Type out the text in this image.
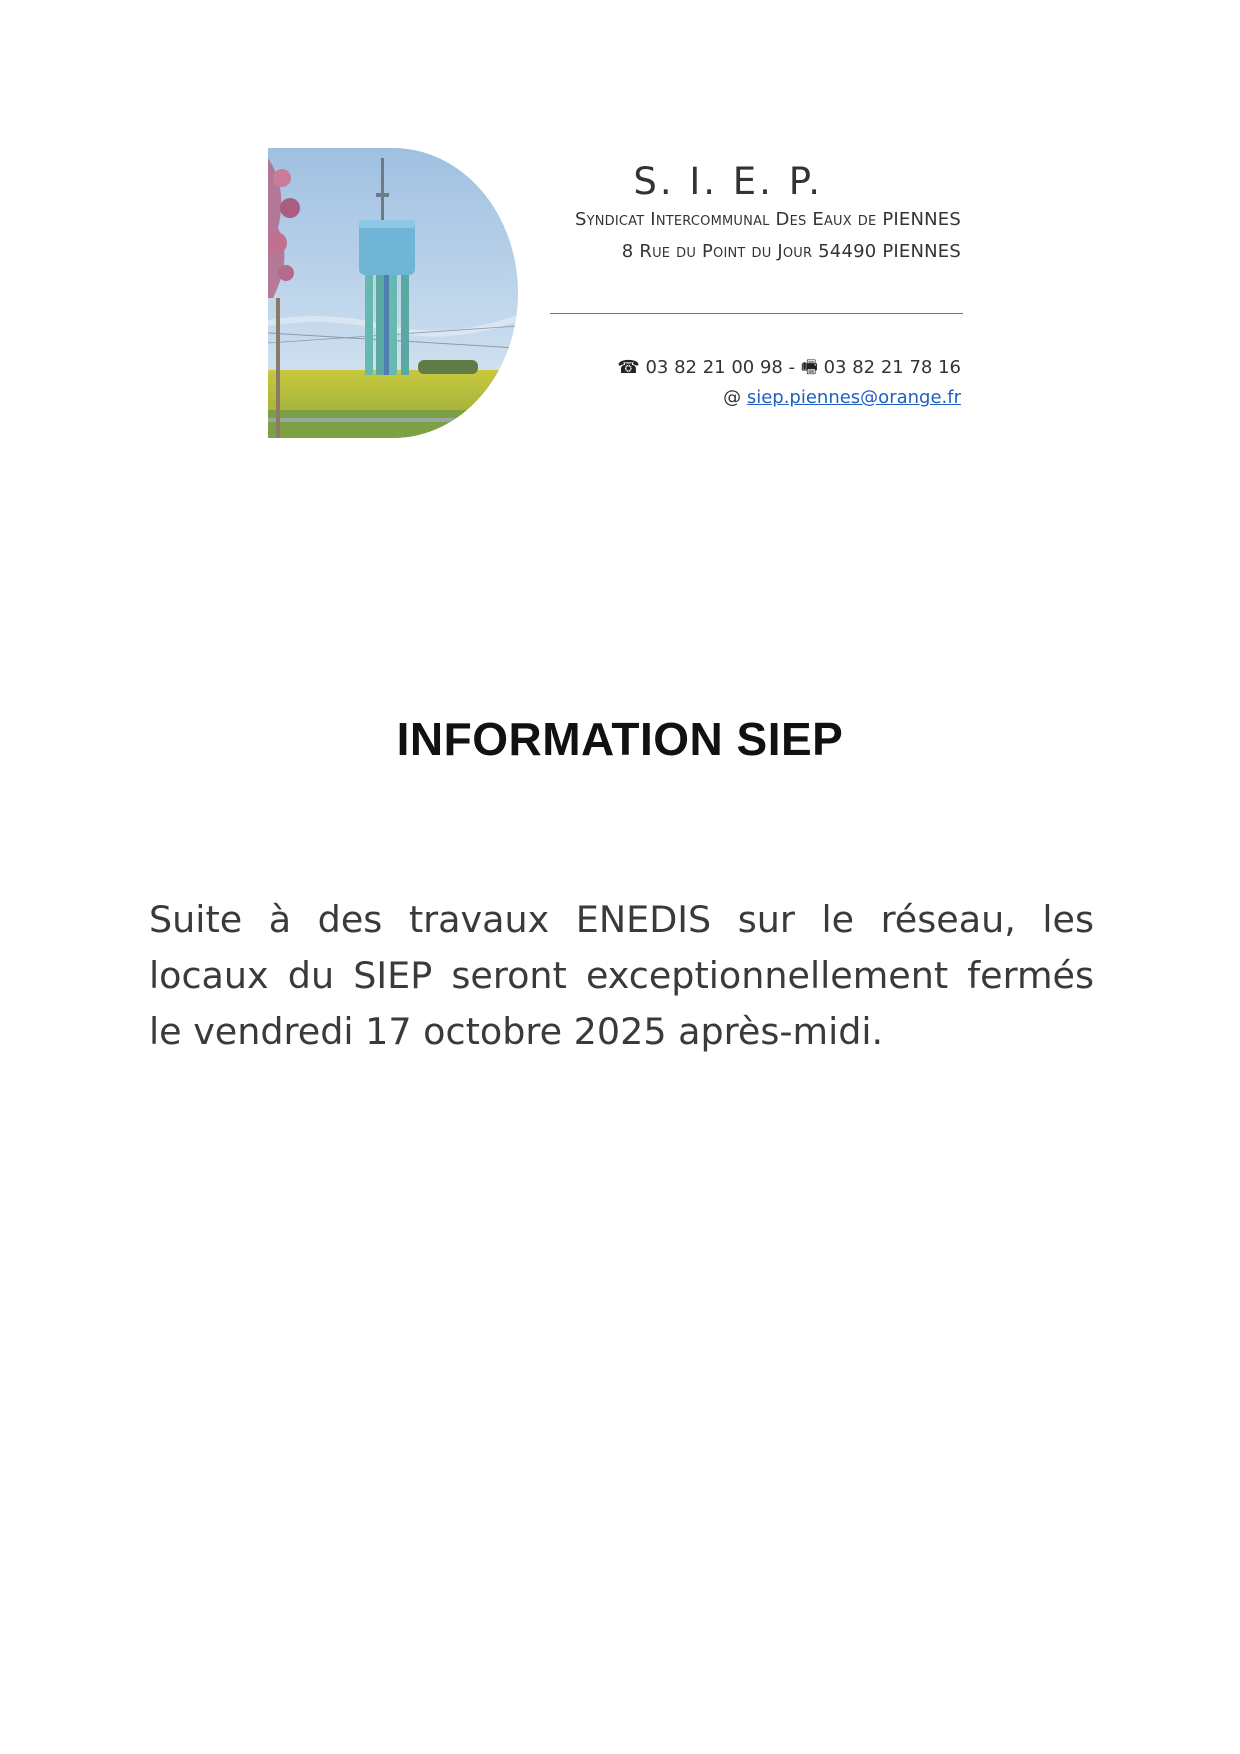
S. I. E. P.
Syndicat Intercommunal Des Eaux de PIENNES
8 Rue du Point du Jour 54490 PIENNES
☎ 03 82 21 00 98 - 🖷 03 82 21 78 16
@ siep.piennes@orange.fr
INFORMATION SIEP
Suite à des travaux ENEDIS sur le réseau, les locaux du SIEP seront exceptionnellement fermés le vendredi 17 octobre 2025 après-midi.
